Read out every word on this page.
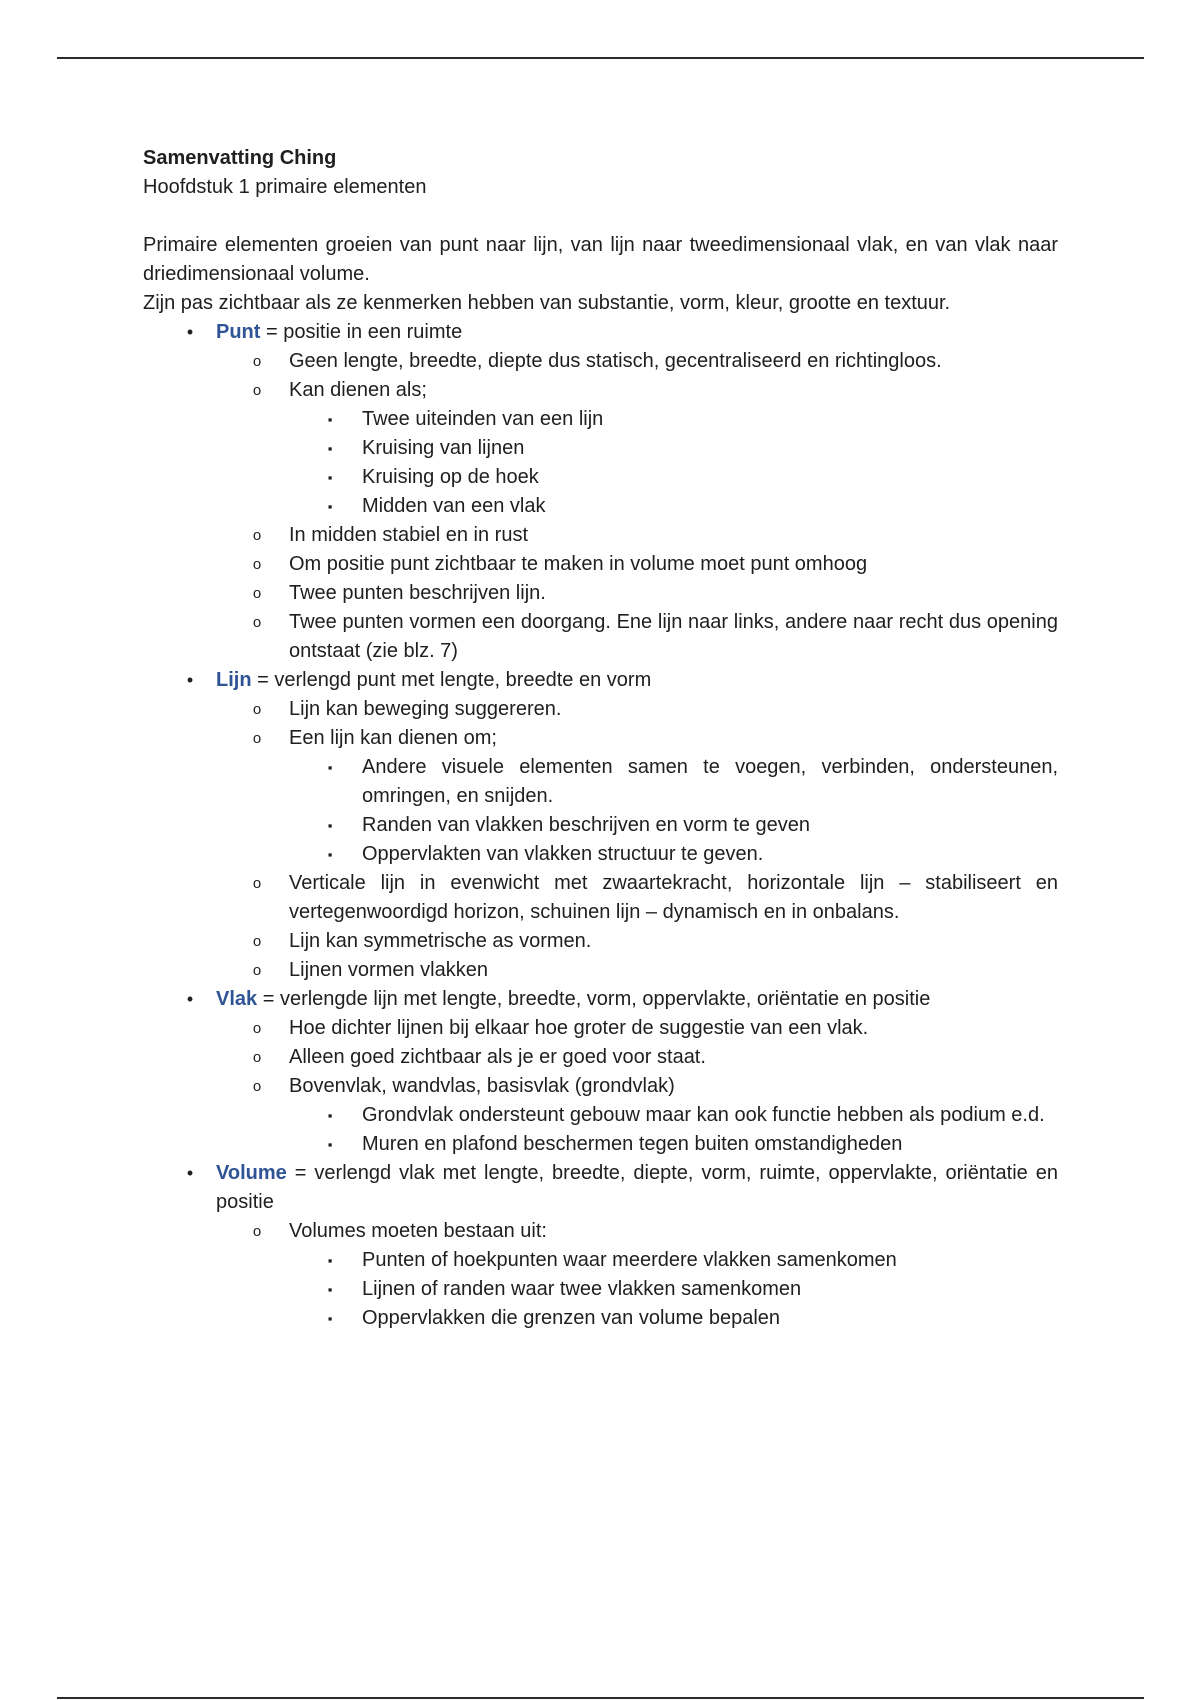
Samenvatting Ching

Hoofdstuk 1 primaire elementen

Primaire elementen groeien van punt naar lijn, van lijn naar tweedimensionaal vlak, en van vlak naar driedimensionaal volume.

Zijn pas zichtbaar als ze kenmerken hebben van substantie, vorm, kleur, grootte en textuur.

• Punt = positie in een ruimte
o Geen lengte, breedte, diepte dus statisch, gecentraliseerd en richtingloos.
o Kan dienen als;
▪ Twee uiteinden van een lijn
▪ Kruising van lijnen
▪ Kruising op de hoek
▪ Midden van een vlak
o In midden stabiel en in rust
o Om positie punt zichtbaar te maken in volume moet punt omhoog
o Twee punten beschrijven lijn.
o Twee punten vormen een doorgang. Ene lijn naar links, andere naar recht dus opening ontstaat (zie blz. 7)
• Lijn = verlengd punt met lengte, breedte en vorm
o Lijn kan beweging suggereren.
o Een lijn kan dienen om;
▪ Andere visuele elementen samen te voegen, verbinden, ondersteunen, omringen, en snijden.
▪ Randen van vlakken beschrijven en vorm te geven
▪ Oppervlakten van vlakken structuur te geven.
o Verticale lijn in evenwicht met zwaartekracht, horizontale lijn – stabiliseert en vertegenwoordigd horizon, schuinen lijn – dynamisch en in onbalans.
o Lijn kan symmetrische as vormen.
o Lijnen vormen vlakken
• Vlak = verlengde lijn met lengte, breedte, vorm, oppervlakte, oriëntatie en positie
o Hoe dichter lijnen bij elkaar hoe groter de suggestie van een vlak.
o Alleen goed zichtbaar als je er goed voor staat.
o Bovenvlak, wandvlas, basisvlak (grondvlak)
▪ Grondvlak ondersteunt gebouw maar kan ook functie hebben als podium e.d.
▪ Muren en plafond beschermen tegen buiten omstandigheden
• Volume = verlengd vlak met lengte, breedte, diepte, vorm, ruimte, oppervlakte, oriëntatie en positie
o Volumes moeten bestaan uit:
▪ Punten of hoekpunten waar meerdere vlakken samenkomen
▪ Lijnen of randen waar twee vlakken samenkomen
▪ Oppervlakken die grenzen van volume bepalen
